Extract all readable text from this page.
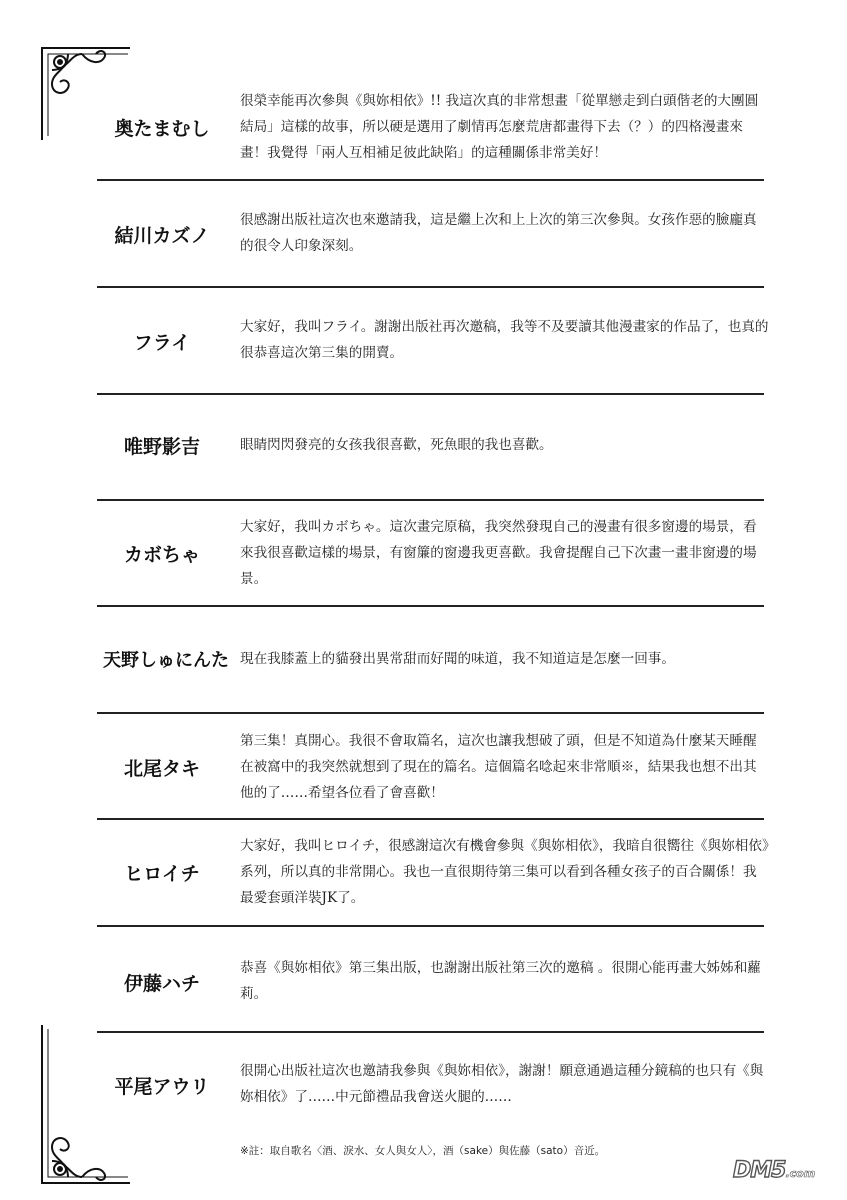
奥たまむし
很榮幸能再次參與《與妳相依》!! 我這次真的非常想畫「從單戀走到白頭偕老的大團圓結局」這樣的故事，所以硬是選用了劇情再怎麼荒唐都畫得下去（？）的四格漫畫來畫！我覺得「兩人互相補足彼此缺陷」的這種關係非常美好！
結川カズノ
很感謝出版社這次也來邀請我，這是繼上次和上上次的第三次參與。女孩作惡的臉龐真的很令人印象深刻。
フライ
大家好，我叫フライ。謝謝出版社再次邀稿，我等不及要讀其他漫畫家的作品了，也真的很恭喜這次第三集的開賣。
唯野影吉	眼睛閃閃發亮的女孩我很喜歡，死魚眼的我也喜歡。
カボちゃ
大家好，我叫カボちゃ。這次畫完原稿，我突然發現自己的漫畫有很多窗邊的場景，看來我很喜歡這樣的場景，有窗簾的窗邊我更喜歡。我會提醒自己下次畫一畫非窗邊的場景。
天野しゅにんた 現在我膝蓋上的貓發出異常甜而好聞的味道，我不知道這是怎麼一回事。
北尾タキ
第三集！真開心。我很不會取篇名，這次也讓我想破了頭，但是不知道為什麼某天睡醒在被窩中的我突然就想到了現在的篇名。這個篇名唸起來非常順※，結果我也想不出其他的了……希望各位看了會喜歡！
ヒロイチ
大家好，我叫ヒロイチ，很感謝這次有機會參與《與妳相依》，我暗自很嚮往《與妳相依》系列，所以真的非常開心。我也一直很期待第三集可以看到各種女孩子的百合關係！我最愛套頭洋裝JK了。
伊藤ハチ
恭喜《與妳相依》第三集出版，也謝謝出版社第三次的邀稿 。很開心能再畫大姊姊和蘿莉。
平尾アウリ
很開心出版社這次也邀請我參與《與妳相依》，謝謝！願意通過這種分鏡稿的也只有《與妳相依》了……中元節禮品我會送火腿的……
※註：取自歌名〈酒、淚水、女人與女人〉，酒（sake）與佐藤（sato）音近。
DM5.com
